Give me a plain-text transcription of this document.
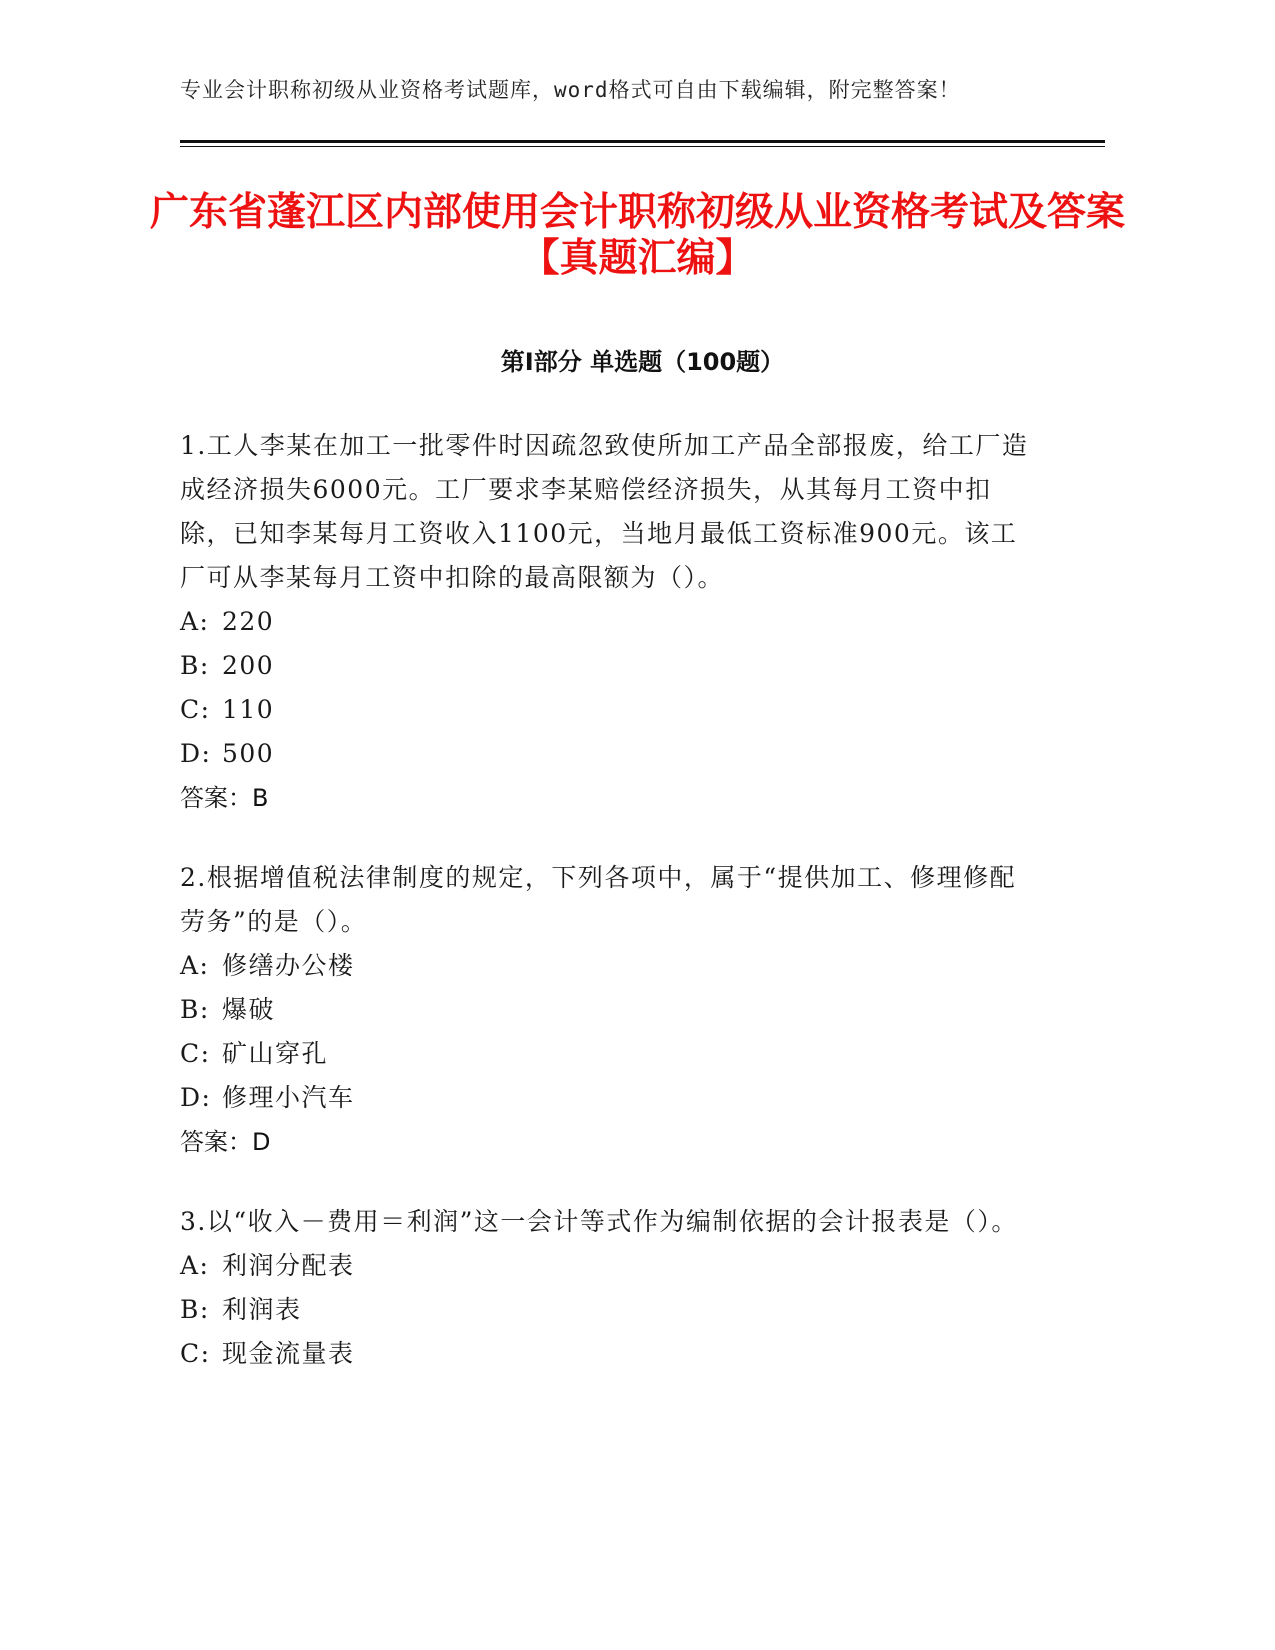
专业会计职称初级从业资格考试题库，word格式可自由下载编辑，附完整答案！
广东省蓬江区内部使用会计职称初级从业资格考试及答案【真题汇编】
第I部分 单选题（100题）

1.工人李某在加工一批零件时因疏忽致使所加工产品全部报废，给工厂造成经济损失6000元。工厂要求李某赔偿经济损失，从其每月工资中扣除，已知李某每月工资收入1100元，当地月最低工资标准900元。该工厂可从李某每月工资中扣除的最高限额为（）。

A: 220

B: 200

C: 110

D: 500

答案：B

2.根据增值税法律制度的规定，下列各项中，属于“提供加工、修理修配劳务”的是（）。

A: 修缮办公楼

B: 爆破

C: 矿山穿孔

D: 修理小汽车

答案：D

3.以“收入－费用＝利润”这一会计等式作为编制依据的会计报表是（）。

A: 利润分配表

B: 利润表

C: 现金流量表
